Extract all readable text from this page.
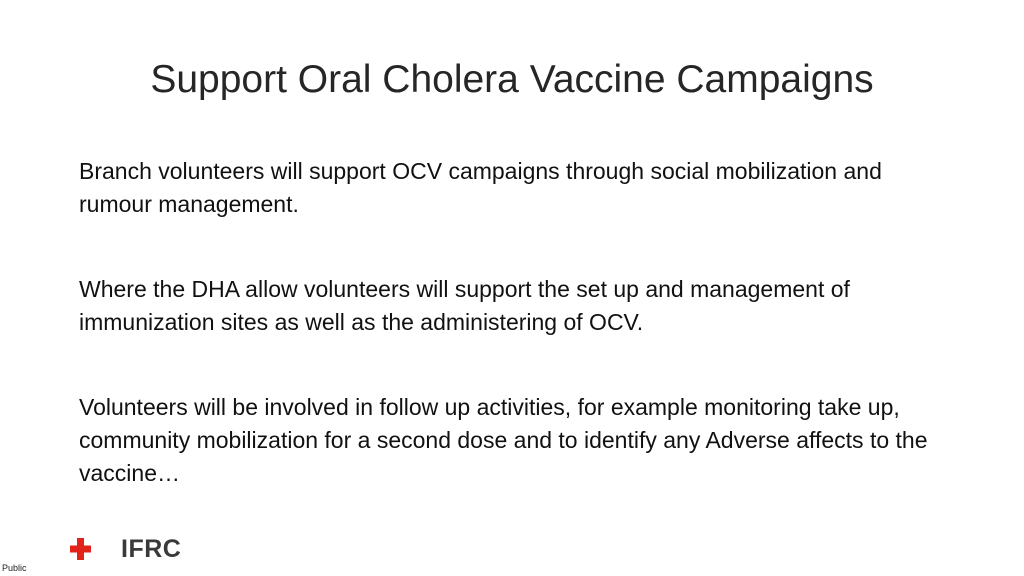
Support Oral Cholera Vaccine Campaigns

Branch volunteers will support OCV campaigns through social mobilization and rumour management.

Where the DHA allow volunteers will support the set up and management of immunization sites as well as the administering of OCV.

Volunteers will be involved in follow up activities, for example monitoring take up, community mobilization for a second dose and to identify any Adverse affects to the vaccine…

IFRC
Public
